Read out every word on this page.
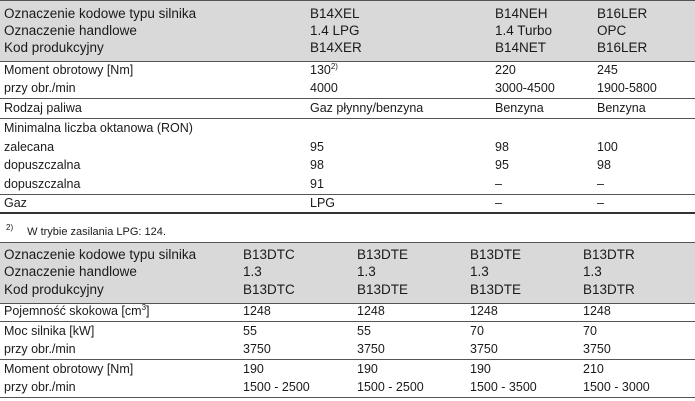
Oznaczenie kodowe typu silnika	B14XEL	B14NEH	B16LER
Oznaczenie handlowe	1.4 LPG	1.4 Turbo	OPC
Kod produkcyjny	B14XER	B14NET	B16LER
Moment obrotowy [Nm]	130$^{2)}$	220	245
przy obr./min	4000	3000-4500	1900-5800
Rodzaj paliwa	Gaz płynny/benzyna	Benzyna	Benzyna
Minimalna liczba oktanowa (RON)
zalecana	95	98	100
dopuszczalna	98	95	98
dopuszczalna	91	–	–
Gaz	LPG	–	–
$^{2)}$ W trybie zasilania LPG: 124.
Oznaczenie kodowe typu silnika	B13DTC	B13DTE	B13DTE	B13DTR
Oznaczenie handlowe	1.3	1.3	1.3	1.3
Kod produkcyjny	B13DTC	B13DTE	B13DTE	B13DTR
Pojemność skokowa $[cm^3]$	1248	1248	1248	1248
Moc silnika [kW]	55	55	70	70
przy obr./min	3750	3750	3750	3750
Moment obrotowy [Nm]	190	190	190	210
przy obr./min	1500 - 2500	1500 - 2500	1500 - 3500	1500 - 3000
